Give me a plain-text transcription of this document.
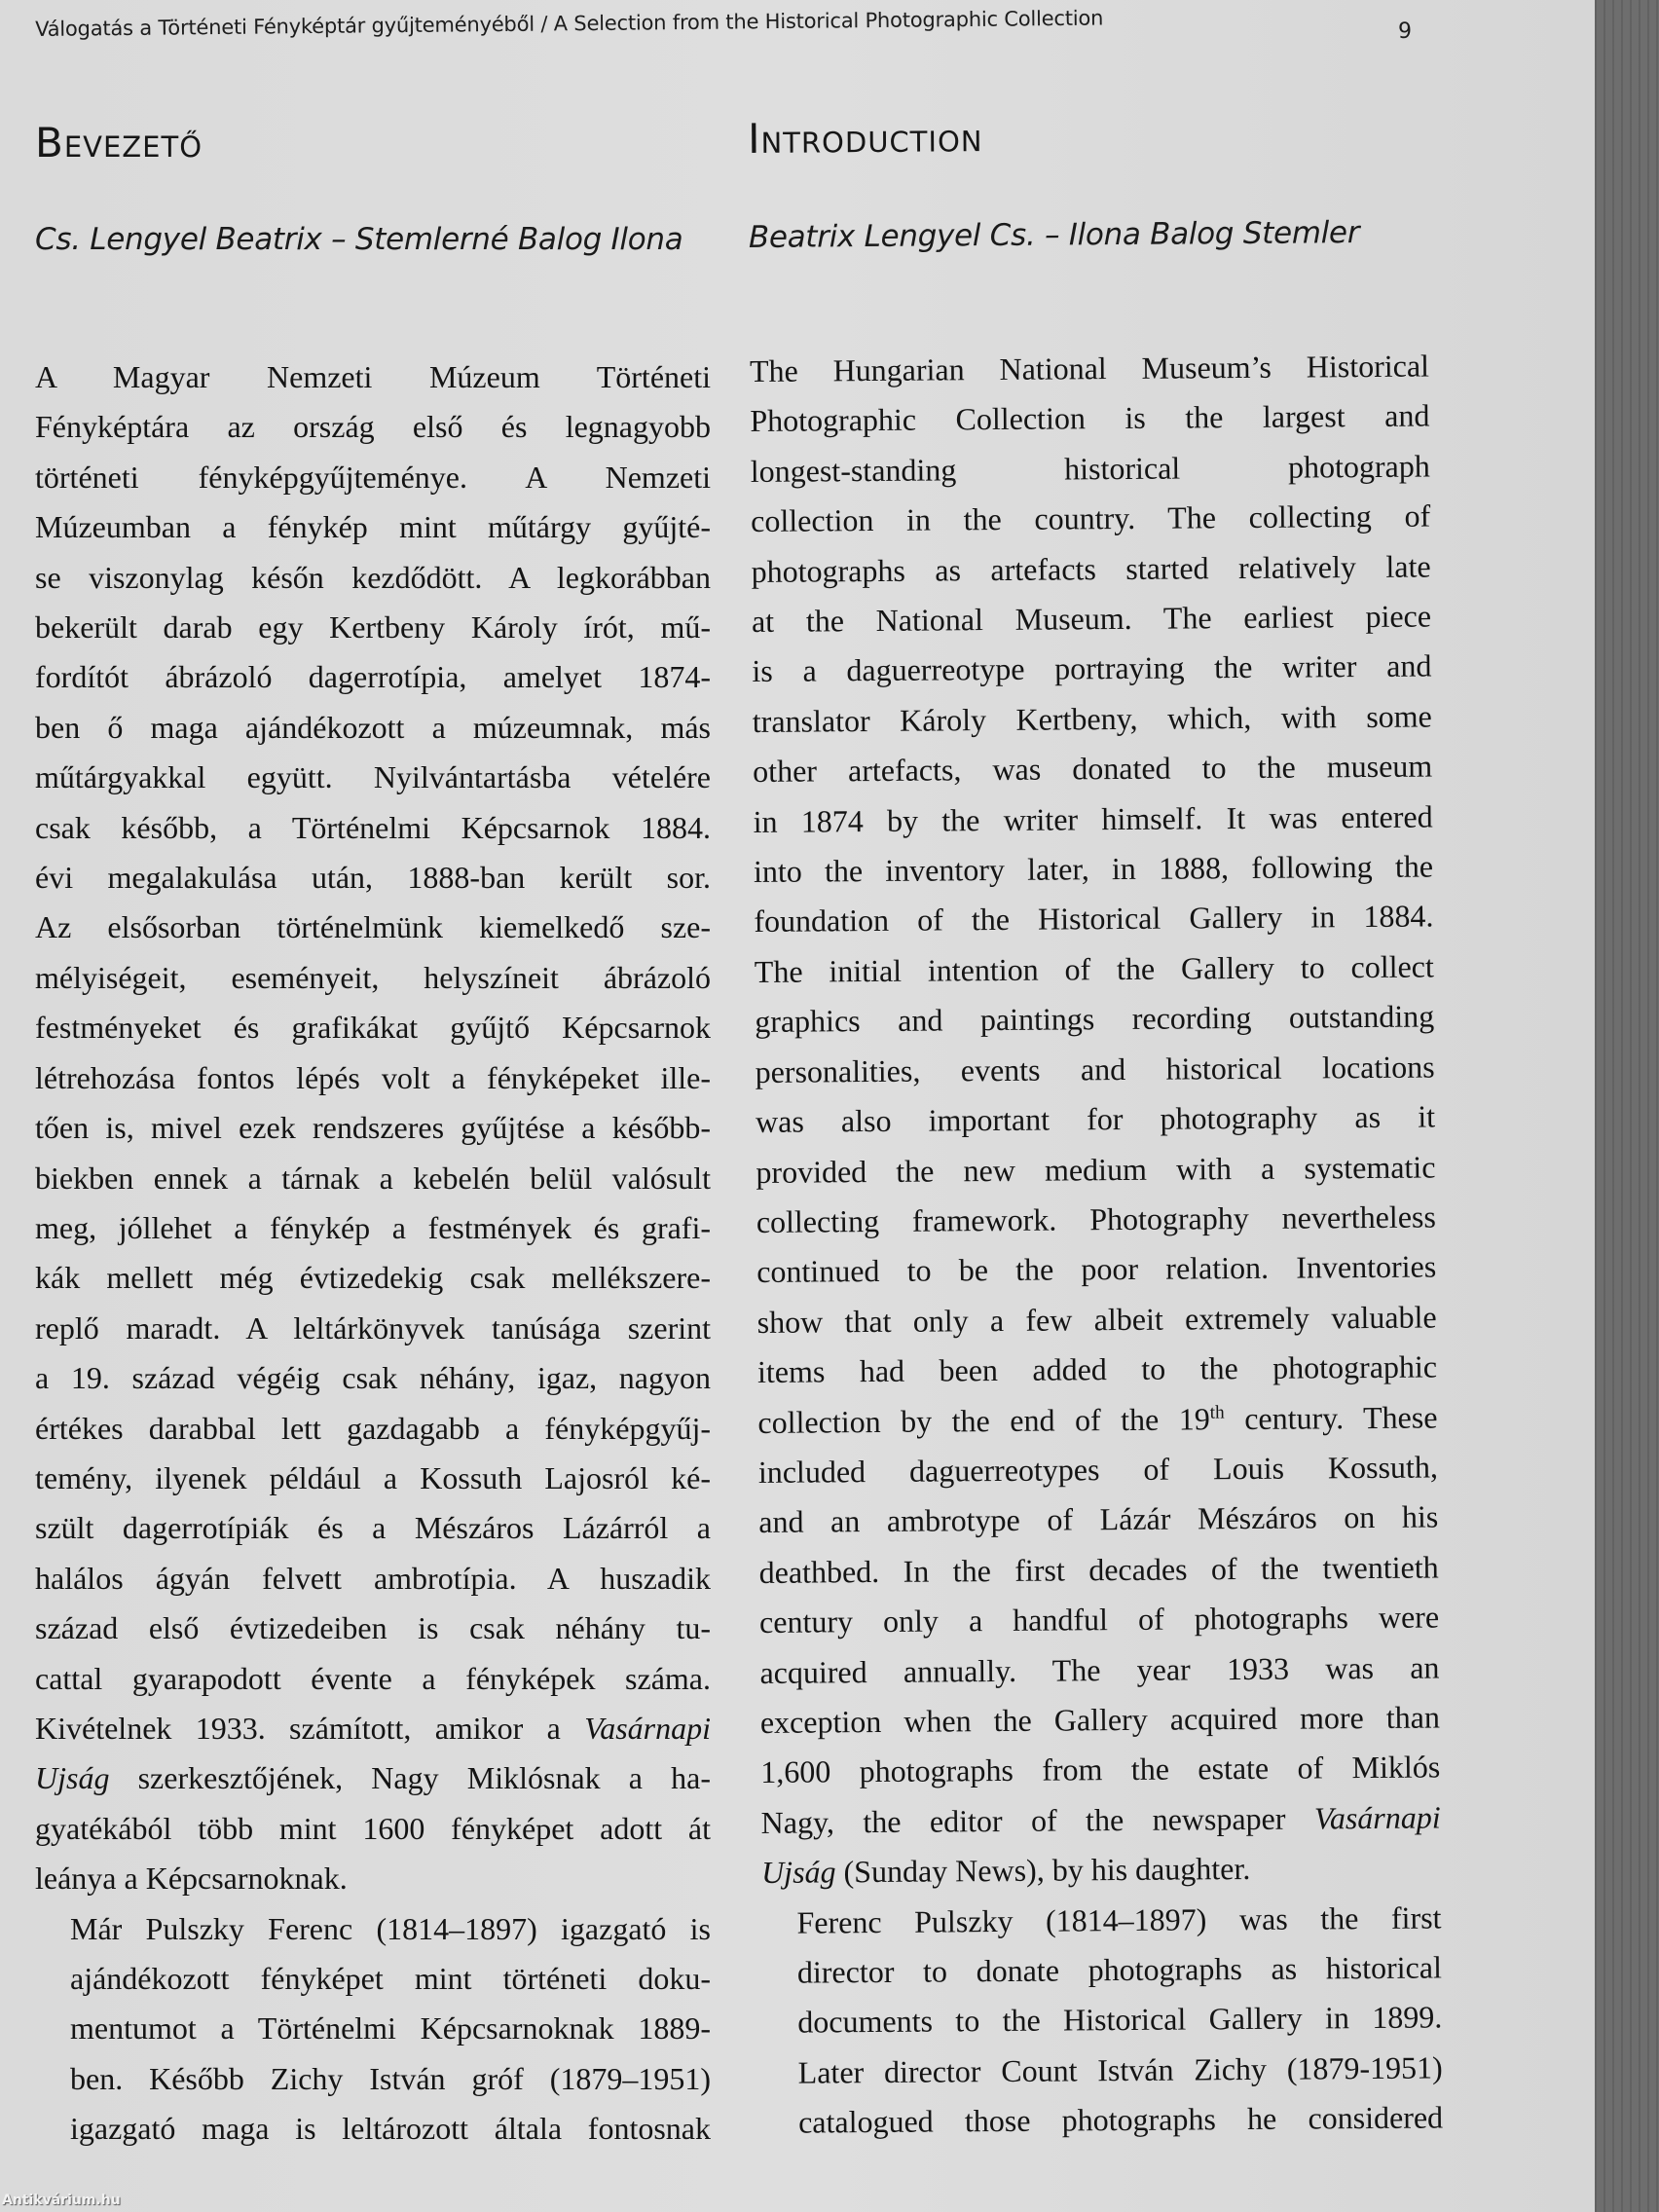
Válogatás a Történeti Fényképtár gyűjteményéből / A Selection from the Historical Photographic Collection	9
Bevezető
Cs. Lengyel Beatrix – Stemlerné Balog Ilona

A Magyar Nemzeti Múzeum Történeti
Fényképtára az ország első és legnagyobb
történeti fényképgyűjteménye. A Nemzeti
Múzeumban a fénykép mint műtárgy gyűjté-
se viszonylag későn kezdődött. A legkorábban
bekerült darab egy Kertbeny Károly írót, mű-
fordítót ábrázoló dagerrotípia, amelyet 1874-
ben ő maga ajándékozott a múzeumnak, más
műtárgyakkal együtt. Nyilvántartásba vételére
csak később, a Történelmi Képcsarnok 1884.
évi megalakulása után, 1888-ban került sor.
Az elsősorban történelmünk kiemelkedő sze-
mélyiségeit, eseményeit, helyszíneit ábrázoló
festményeket és grafikákat gyűjtő Képcsarnok
létrehozása fontos lépés volt a fényképeket ille-
tően is, mivel ezek rendszeres gyűjtése a később-
biekben ennek a tárnak a kebelén belül valósult
meg, jóllehet a fénykép a festmények és grafi-
kák mellett még évtizedekig csak mellékszere-
replő maradt. A leltárkönyvek tanúsága szerint
a 19. század végéig csak néhány, igaz, nagyon
értékes darabbal lett gazdagabb a fényképgyűj-
temény, ilyenek például a Kossuth Lajosról ké-
szült dagerrotípiák és a Mészáros Lázárról a
halálos ágyán felvett ambrotípia. A huszadik
század első évtizedeiben is csak néhány tu-
cattal gyarapodott évente a fényképek száma.
Kivételnek 1933. számított, amikor a Vasárnapi
Ujság szerkesztőjének, Nagy Miklósnak a ha-
gyatékából több mint 1600 fényképet adott át
leánya a Képcsarnoknak.

Már Pulszky Ferenc (1814–1897) igazgató is
ajándékozott fényképet mint történeti doku-
mentumot a Történelmi Képcsarnoknak 1889-
ben. Később Zichy István gróf (1879–1951)
igazgató maga is leltározott általa fontosnak

Introduction
Beatrix Lengyel Cs. – Ilona Balog Stemler

The Hungarian National Museum’s Historical
Photographic Collection is the largest and
longest-standing historical photograph
collection in the country. The collecting of
photographs as artefacts started relatively late
at the National Museum. The earliest piece
is a daguerreotype portraying the writer and
translator Károly Kertbeny, which, with some
other artefacts, was donated to the museum
in 1874 by the writer himself. It was entered
into the inventory later, in 1888, following the
foundation of the Historical Gallery in 1884.
The initial intention of the Gallery to collect
graphics and paintings recording outstanding
personalities, events and historical locations
was also important for photography as it
provided the new medium with a systematic
collecting framework. Photography nevertheless
continued to be the poor relation. Inventories
show that only a few albeit extremely valuable
items had been added to the photographic
collection by the end of the 19th century. These
included daguerreotypes of Louis Kossuth,
and an ambrotype of Lázár Mészáros on his
deathbed. In the first decades of the twentieth
century only a handful of photographs were
acquired annually. The year 1933 was an
exception when the Gallery acquired more than
1,600 photographs from the estate of Miklós
Nagy, the editor of the newspaper Vasárnapi
Ujság (Sunday News), by his daughter.

Ferenc Pulszky (1814–1897) was the first
director to donate photographs as historical
documents to the Historical Gallery in 1899.
Later director Count István Zichy (1879-1951)
catalogued those photographs he considered

Antikvárium.hu
